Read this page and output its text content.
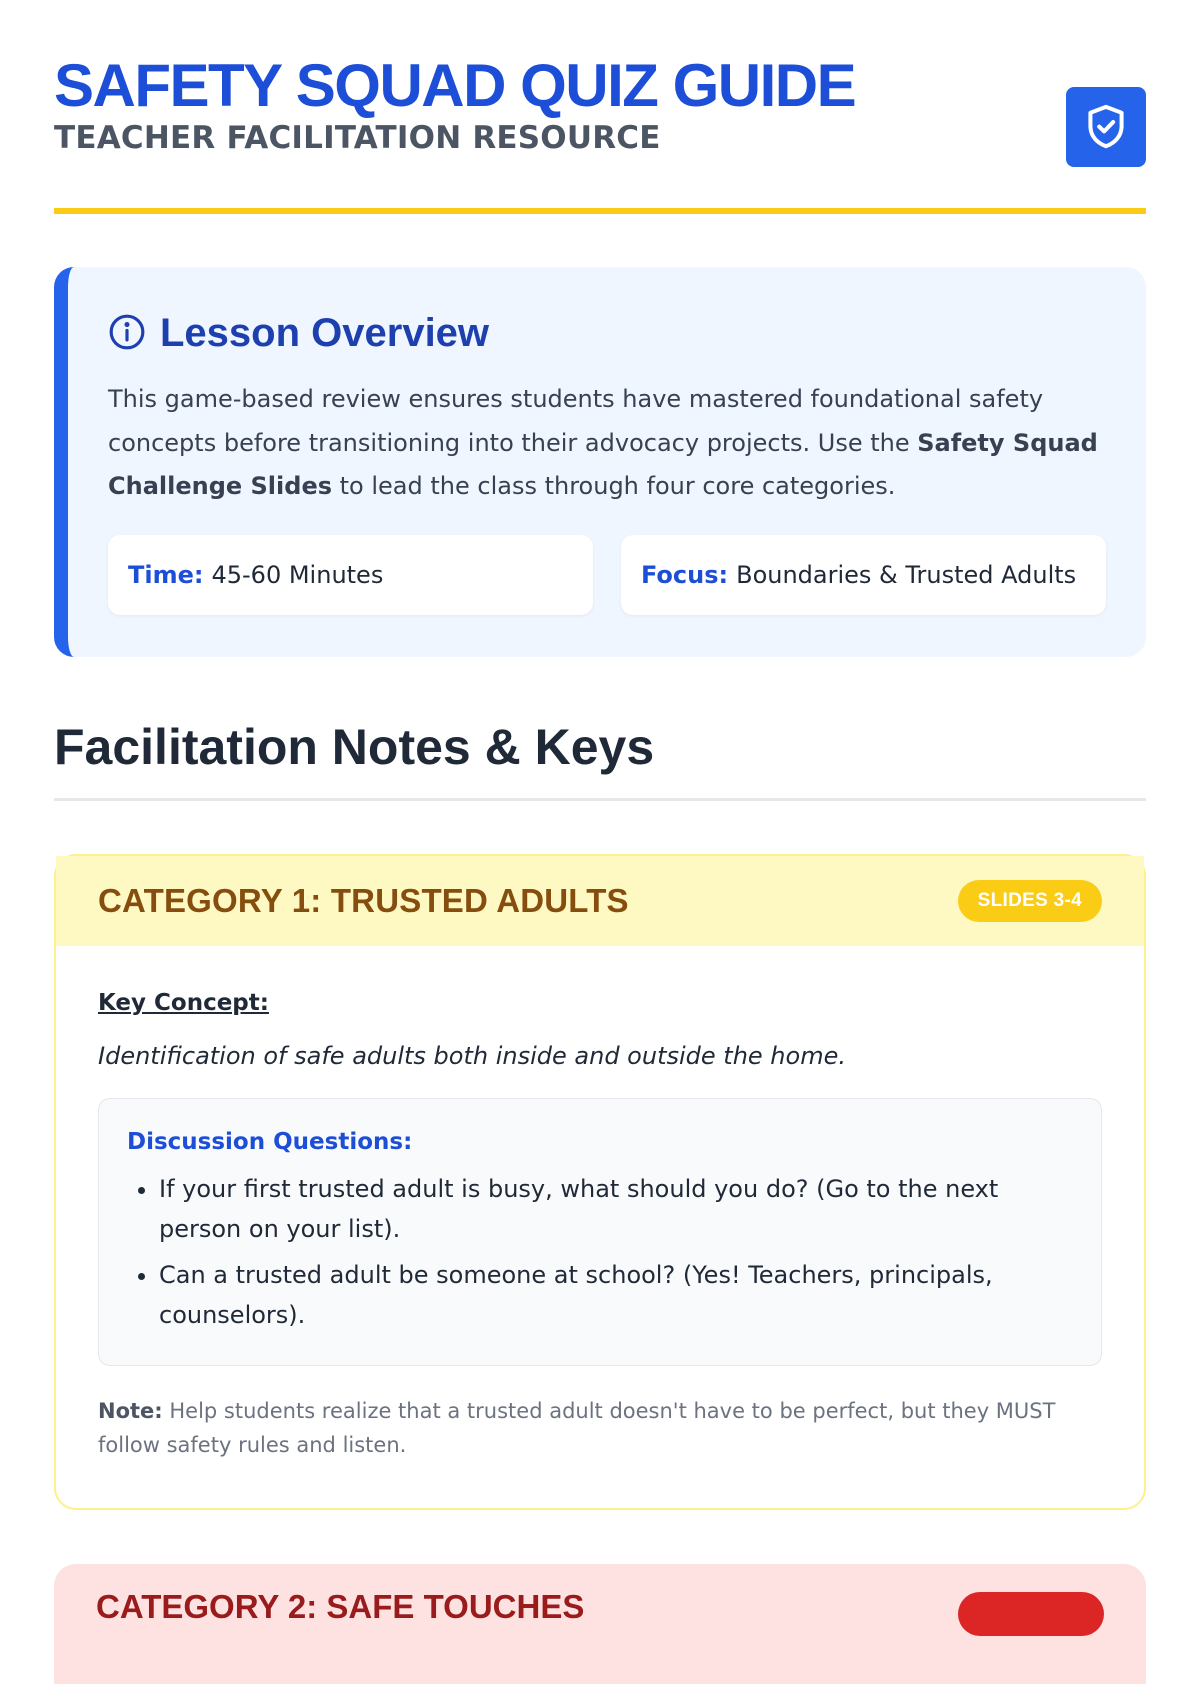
SAFETY SQUAD QUIZ GUIDE
TEACHER FACILITATION RESOURCE
Lesson Overview
This game-based review ensures students have mastered foundational safety concepts before transitioning into their advocacy projects. Use the Safety Squad Challenge Slides to lead the class through four core categories.
Time: 45-60 Minutes	Focus: Boundaries & Trusted Adults
Facilitation Notes & Keys
CATEGORY 1: TRUSTED ADULTS	SLIDES 3-4
Key Concept:
Identification of safe adults both inside and outside the home.
Discussion Questions:
• If your first trusted adult is busy, what should you do? (Go to the next person on your list).
• Can a trusted adult be someone at school? (Yes! Teachers, principals, counselors).
Note: Help students realize that a trusted adult doesn't have to be perfect, but they MUST follow safety rules and listen.
CATEGORY 2: SAFE TOUCHES
